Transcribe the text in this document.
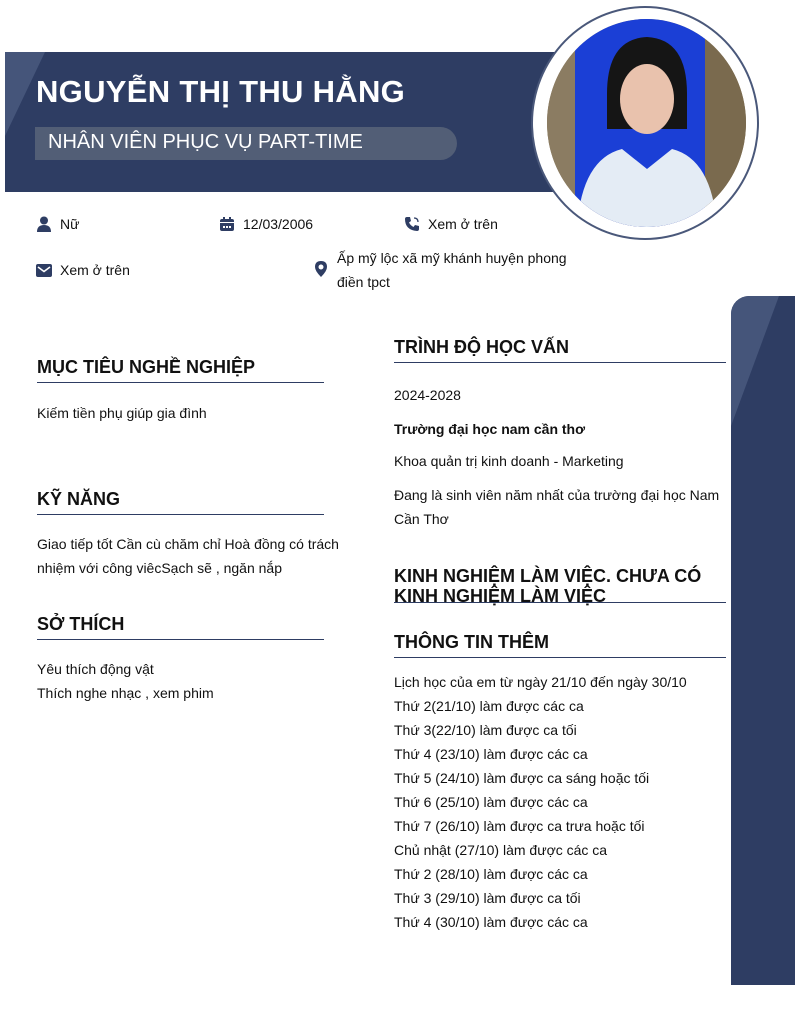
NGUYỄN THỊ THU HẰNG
NHÂN VIÊN PHỤC VỤ PART-TIME
Nữ	12/03/2006	Xem ở trên
Xem ở trên
Ấp mỹ lộc xã mỹ khánh huyện phong điền tpct
MỤC TIÊU NGHỀ NGHIỆP
Kiếm tiền phụ giúp gia đình
KỸ NĂNG
Giao tiếp tốt Cần cù chăm chỉ Hoà đồng có trách nhiệm với công viêcSạch sẽ , ngăn nắp
SỞ THÍCH
Yêu thích động vật
Thích nghe nhạc , xem phim
TRÌNH ĐỘ HỌC VẤN
2024-2028
Trường đại học nam cần thơ
Khoa quản trị kinh doanh - Marketing
Đang là sinh viên năm nhất của trường đại học Nam Cần Thơ
KINH NGHIỆM LÀM VIỆC. CHƯA CÓ KINH NGHIỆM LÀM VIỆC
THÔNG TIN THÊM
Lịch học của em từ ngày 21/10 đến ngày 30/10
Thứ 2(21/10) làm được các ca
Thứ 3(22/10) làm được ca tối
Thứ 4 (23/10) làm được các ca
Thứ 5 (24/10) làm được ca sáng hoặc tối
Thứ 6 (25/10) làm được các ca
Thứ 7 (26/10) làm được ca trưa hoặc tối
Chủ nhật (27/10) làm được các ca
Thứ 2 (28/10) làm được các ca
Thứ 3 (29/10) làm được ca tối
Thứ 4 (30/10) làm được các ca
